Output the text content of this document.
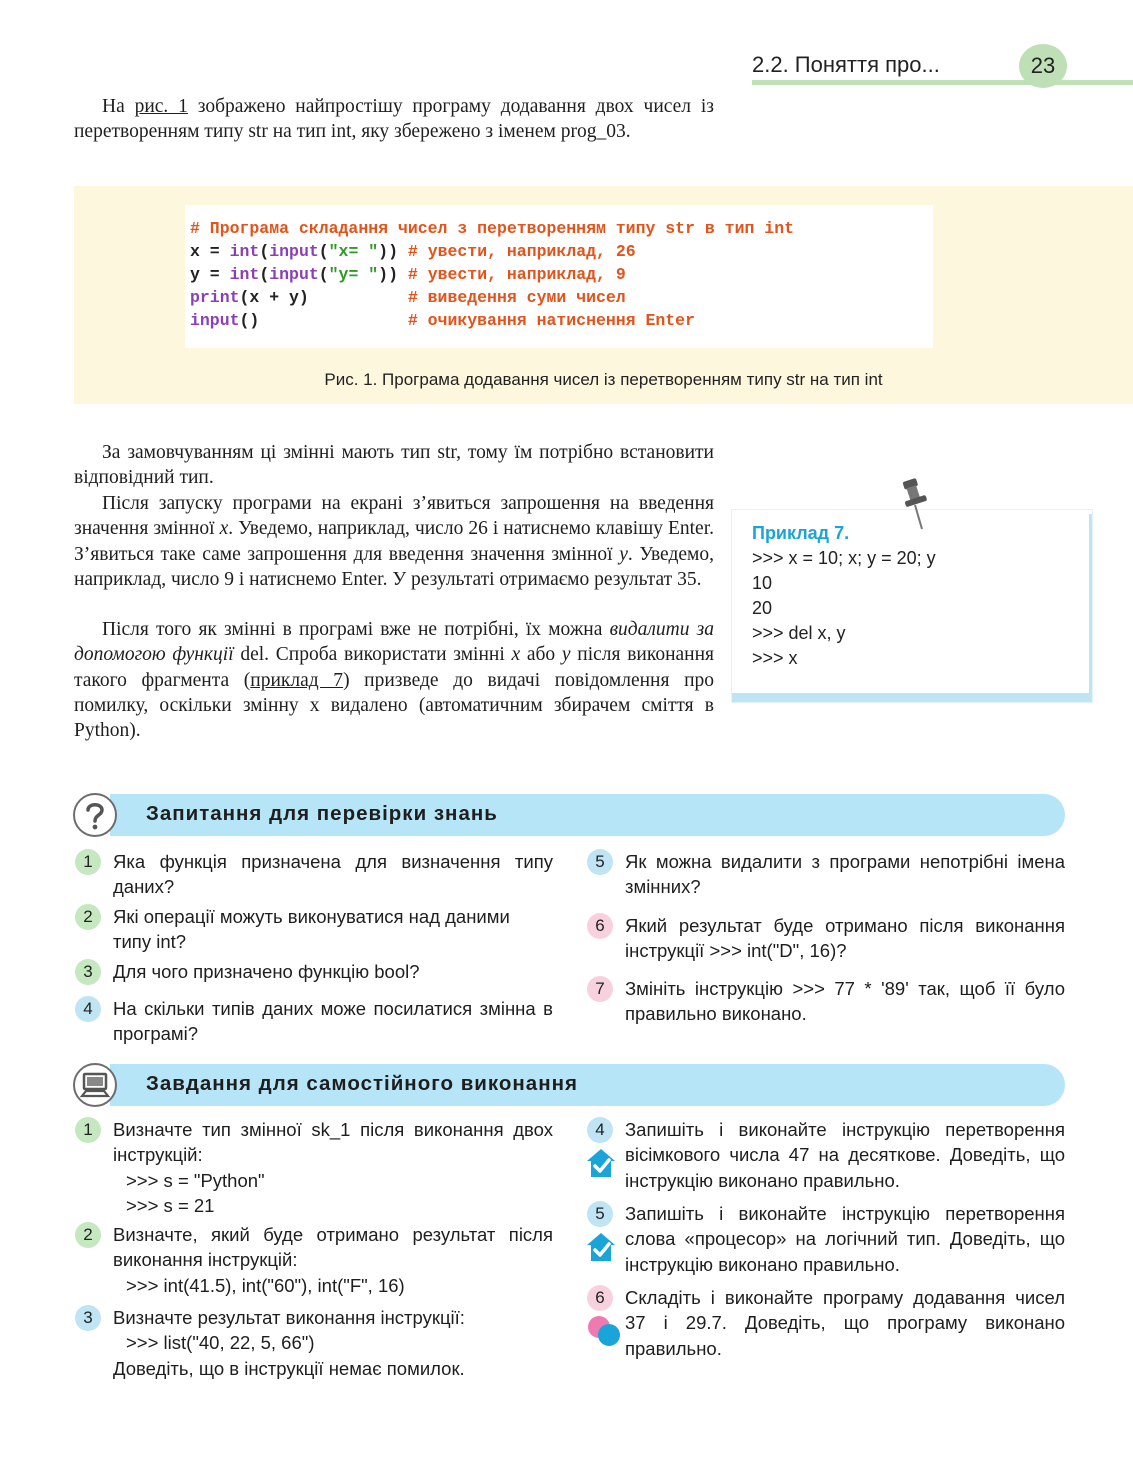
2.2. Поняття про...	23

На рис. 1 зображено найпростішу програму додавання двох чисел із перетворенням типу str на тип int, яку збережено з іменем prog_03.

# Програма складання чисел з перетворенням типу str в тип int
x = int(input("x= ")) # увести, наприклад, 26
y = int(input("y= ")) # увести, наприклад, 9
print(x + y)          # виведення суми чисел
input()               # очикування натиснення Enter
Рис. 1. Програма додавання чисел із перетворенням типу str на тип int

За замовчуванням ці змінні мають тип str, тому їм потрібно встановити відповідний тип.

Після запуску програми на екрані з’явиться запрошення на введення значення змінної x. Уведемо, наприклад, число 26 і натиснемо клавішу Enter. З’явиться таке саме запрошення для введення значення змінної y. Уведемо, наприклад, число 9 і натиснемо Enter. У результаті отримаємо результат 35.

Після того як змінні в програмі вже не потрібні, їх можна видалити за допомогою функції del. Спроба використати змінні x або y після виконання такого фрагмента (приклад 7) призведе до видачі повідомлення про помилку, оскільки змінну x видалено (автоматичним збирачем сміття в Python).

Приклад 7.
>>> x = 10; x; y = 20; y
10
20
>>> del x, y
>>> x
Запитання для перевірки знань
1	Яка функція призначена для визначення типу даних?

2	Які операції можуть виконуватися над даними типу int?

3	Для чого призначено функцію bool?

4	На скільки типів даних може посилатися змінна в програмі?

5	Як можна видалити з програми непотрібні імена змінних?

6	Який результат буде отримано після виконання інструкції >>> int("D", 16)?

7	Змініть інструкцію >>> 77 * '89' так, щоб її було правильно виконано.

Завдання для самостійного виконання
1	Визначте тип змінної sk_1 після виконання двох інструкцій:
>>> s = "Python"
>>> s = 21
2	Визначте, який буде отримано результат після виконання інструкцій:
>>> int(41.5), int("60"), int("F", 16)
3	Визначте результат виконання інструкції:
>>> list("40, 22, 5, 66")
Доведіть, що в інструкції немає помилок.
4	Запишіть і виконайте інструкцію перетворення вісімкового числа 47 на десяткове. Доведіть, що інструкцію виконано правильно.

5	Запишіть і виконайте інструкцію перетворення слова «процесор» на логічний тип. Доведіть, що інструкцію виконано правильно.

6	Складіть і виконайте програму додавання чисел 37 і 29.7. Доведіть, що програму виконано правильно.
